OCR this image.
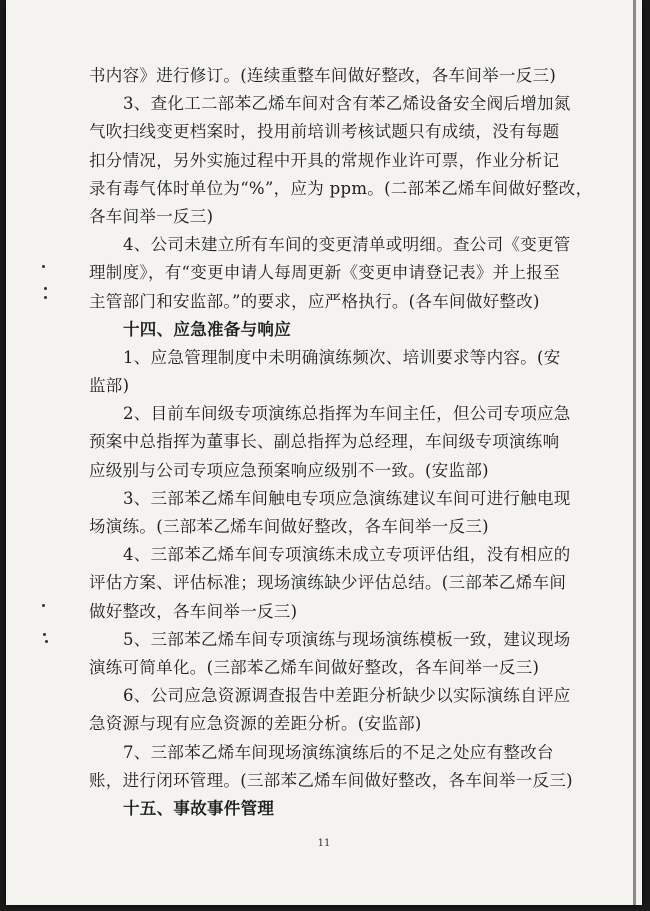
书内容》进行修订。(连续重整车间做好整改，各车间举一反三)
3、查化工二部苯乙烯车间对含有苯乙烯设备安全阀后增加氮
气吹扫线变更档案时，投用前培训考核试题只有成绩，没有每题
扣分情况，另外实施过程中开具的常规作业许可票，作业分析记
录有毒气体时单位为“%”，应为 ppm。(二部苯乙烯车间做好整改，
各车间举一反三)
4、公司未建立所有车间的变更清单或明细。查公司《变更管
理制度》，有“变更申请人每周更新《变更申请登记表》并上报至
主管部门和安监部。”的要求，应严格执行。(各车间做好整改)
十四、应急准备与响应
1、应急管理制度中未明确演练频次、培训要求等内容。(安
监部)
2、目前车间级专项演练总指挥为车间主任，但公司专项应急
预案中总指挥为董事长、副总指挥为总经理，车间级专项演练响
应级别与公司专项应急预案响应级别不一致。(安监部)
3、三部苯乙烯车间触电专项应急演练建议车间可进行触电现
场演练。(三部苯乙烯车间做好整改，各车间举一反三)
4、三部苯乙烯车间专项演练未成立专项评估组，没有相应的
评估方案、评估标准；现场演练缺少评估总结。(三部苯乙烯车间
做好整改，各车间举一反三)
5、三部苯乙烯车间专项演练与现场演练模板一致，建议现场
演练可简单化。(三部苯乙烯车间做好整改，各车间举一反三)
6、公司应急资源调查报告中差距分析缺少以实际演练自评应
急资源与现有应急资源的差距分析。(安监部)
7、三部苯乙烯车间现场演练演练后的不足之处应有整改台
账，进行闭环管理。(三部苯乙烯车间做好整改，各车间举一反三)
十五、事故事件管理
11
